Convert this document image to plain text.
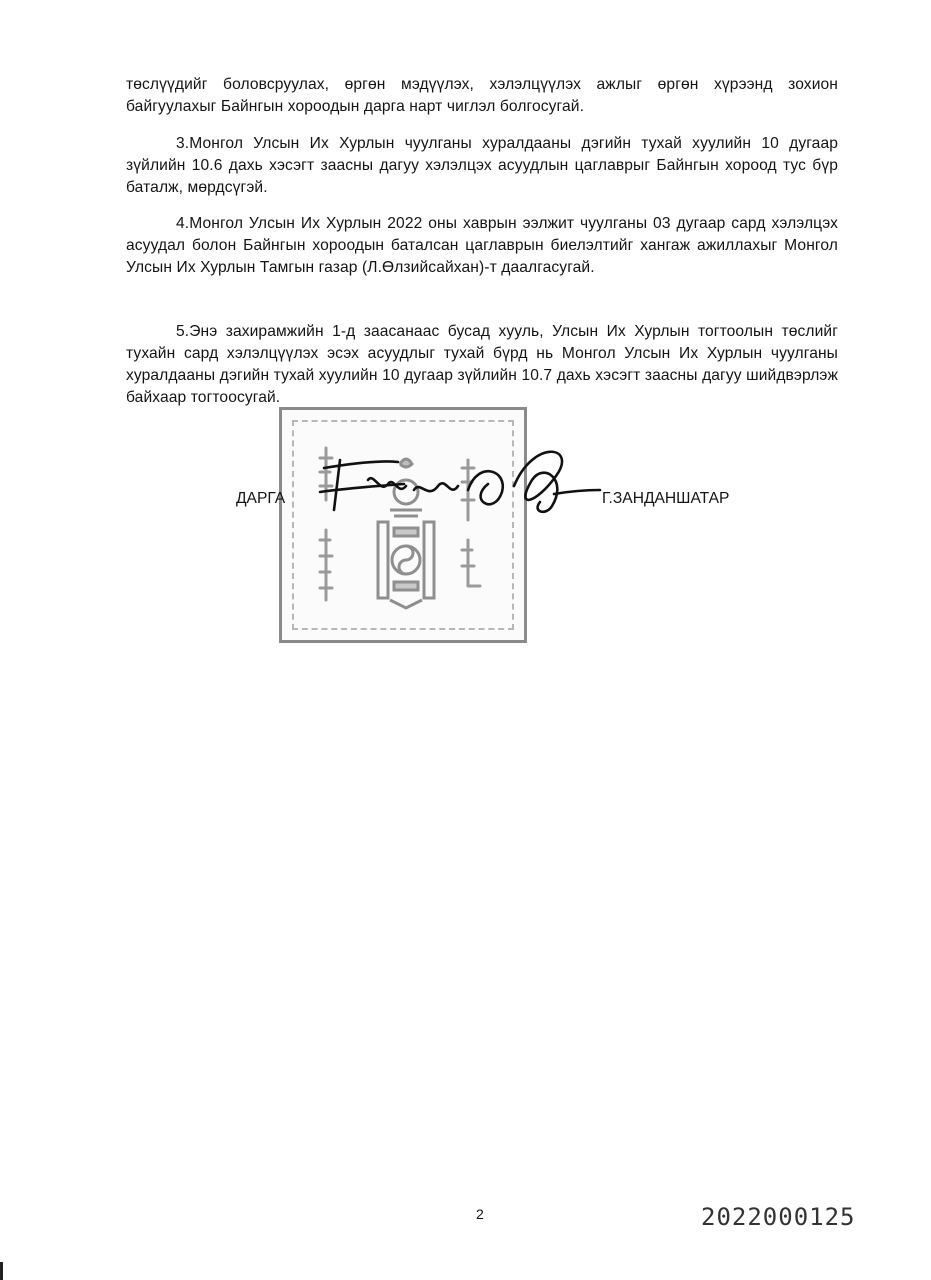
төслүүдийг боловсруулах, өргөн мэдүүлэх, хэлэлцүүлэх ажлыг өргөн хүрээнд зохион байгуулахыг Байнгын хороодын дарга нарт чиглэл болгосугай.

3.Монгол Улсын Их Хурлын чуулганы хуралдааны дэгийн тухай хуулийн 10 дугаар зүйлийн 10.6 дахь хэсэгт заасны дагуу хэлэлцэх асуудлын цаглаврыг Байнгын хороод тус бүр баталж, мөрдсүгэй.

4.Монгол Улсын Их Хурлын 2022 оны хаврын ээлжит чуулганы 03 дугаар сард хэлэлцэх асуудал болон Байнгын хороодын баталсан цаглаврын биелэлтийг хангаж ажиллахыг Монгол Улсын Их Хурлын Тамгын газар (Л.Өлзийсайхан)-т даалгасугай.

5.Энэ захирамжийн 1-д заасанаас бусад хууль, Улсын Их Хурлын тогтоолын төслийг тухайн сард хэлэлцүүлэх эсэх асуудлыг тухай бүрд нь Монгол Улсын Их Хурлын чуулганы хуралдааны дэгийн тухай хуулийн 10 дугаар зүйлийн 10.7 дахь хэсэгт заасны дагуу шийдвэрлэж байхаар тогтоосугай.

ДАРГА	Г.ЗАНДАНШАТАР
2	2022000125
